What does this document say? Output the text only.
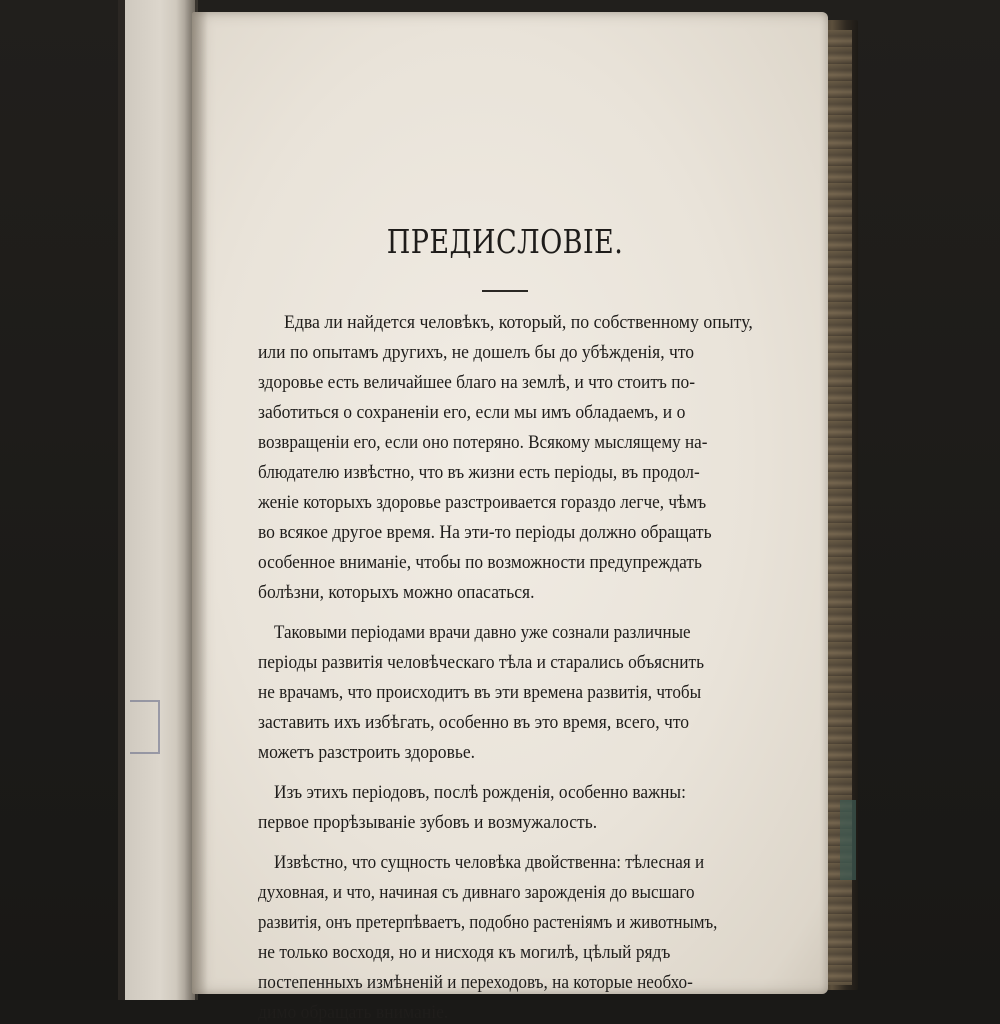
ПРЕДИСЛОВІЕ.
Едва ли найдется человѣкъ, который, по собственному опыту,
или по опытамъ другихъ, не дошелъ бы до убѣжденія, что
здоровье есть величайшее благо на землѣ, и что стоитъ по-
заботиться о сохраненіи его, если мы имъ обладаемъ, и о
возвращеніи его, если оно потеряно. Всякому мыслящему на-
блюдателю извѣстно, что въ жизни есть періоды, въ продол-
женіе которыхъ здоровье разстроивается гораздо легче, чѣмъ
во всякое другое время. На эти-то періоды должно обращать
особенное вниманіе, чтобы по возможности предупреждать
болѣзни, которыхъ можно опасаться.
Таковыми періодами врачи давно уже сознали различные
періоды развитія человѣческаго тѣла и старались объяснить
не врачамъ, что происходитъ въ эти времена развитія, чтобы
заставить ихъ избѣгать, особенно въ это время, всего, что
можетъ разстроить здоровье.
Изъ этихъ періодовъ, послѣ рожденія, особенно важны:
первое прорѣзываніе зубовъ и возмужалость.
Извѣстно, что сущность человѣка двойственна: тѣлесная и
духовная, и что, начиная съ дивнаго зарожденія до высшаго
развитія, онъ претерпѣваетъ, подобно растеніямъ и животнымъ,
не только восходя, но и нисходя къ могилѣ, цѣлый рядъ
постепенныхъ измѣненій и переходовъ, на которые необхо-
димо обращать вниманіе.
